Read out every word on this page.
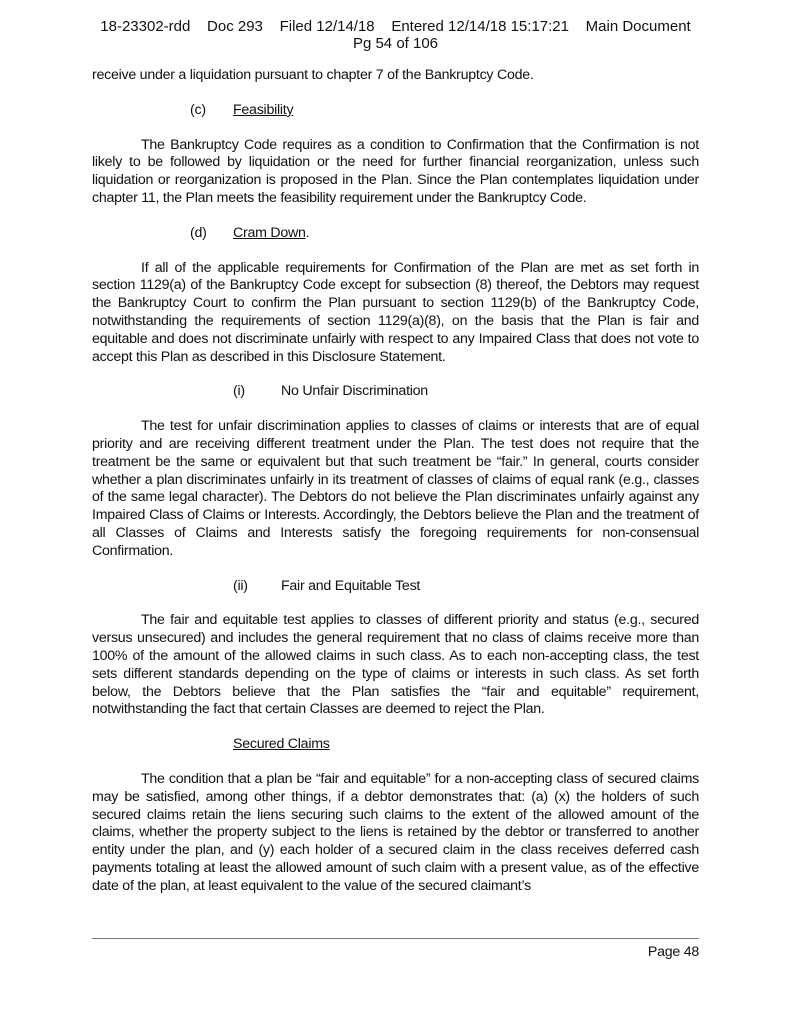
18-23302-rdd Doc 293 Filed 12/14/18 Entered 12/14/18 15:17:21 Main Document
Pg 54 of 106

receive under a liquidation pursuant to chapter 7 of the Bankruptcy Code.

(c) Feasibility

The Bankruptcy Code requires as a condition to Confirmation that the Confirmation is not likely to be followed by liquidation or the need for further financial reorganization, unless such liquidation or reorganization is proposed in the Plan. Since the Plan contemplates liquidation under chapter 11, the Plan meets the feasibility requirement under the Bankruptcy Code.

(d) Cram Down.

If all of the applicable requirements for Confirmation of the Plan are met as set forth in section 1129(a) of the Bankruptcy Code except for subsection (8) thereof, the Debtors may request the Bankruptcy Court to confirm the Plan pursuant to section 1129(b) of the Bankruptcy Code, notwithstanding the requirements of section 1129(a)(8), on the basis that the Plan is fair and equitable and does not discriminate unfairly with respect to any Impaired Class that does not vote to accept this Plan as described in this Disclosure Statement.

(i)	No Unfair Discrimination

The test for unfair discrimination applies to classes of claims or interests that are of equal priority and are receiving different treatment under the Plan. The test does not require that the treatment be the same or equivalent but that such treatment be “fair.” In general, courts consider whether a plan discriminates unfairly in its treatment of classes of claims of equal rank (e.g., classes of the same legal character). The Debtors do not believe the Plan discriminates unfairly against any Impaired Class of Claims or Interests. Accordingly, the Debtors believe the Plan and the treatment of all Classes of Claims and Interests satisfy the foregoing requirements for non-consensual Confirmation.

(ii) Fair and Equitable Test

The fair and equitable test applies to classes of different priority and status (e.g., secured versus unsecured) and includes the general requirement that no class of claims receive more than 100% of the amount of the allowed claims in such class. As to each non-accepting class, the test sets different standards depending on the type of claims or interests in such class. As set forth below, the Debtors believe that the Plan satisfies the “fair and equitable” requirement, notwithstanding the fact that certain Classes are deemed to reject the Plan.

Secured Claims

The condition that a plan be “fair and equitable” for a non-accepting class of secured claims may be satisfied, among other things, if a debtor demonstrates that: (a) (x) the holders of such secured claims retain the liens securing such claims to the extent of the allowed amount of the claims, whether the property subject to the liens is retained by the debtor or transferred to another entity under the plan, and (y) each holder of a secured claim in the class receives deferred cash payments totaling at least the allowed amount of such claim with a present value, as of the effective date of the plan, at least equivalent to the value of the secured claimant’s

Page 48
